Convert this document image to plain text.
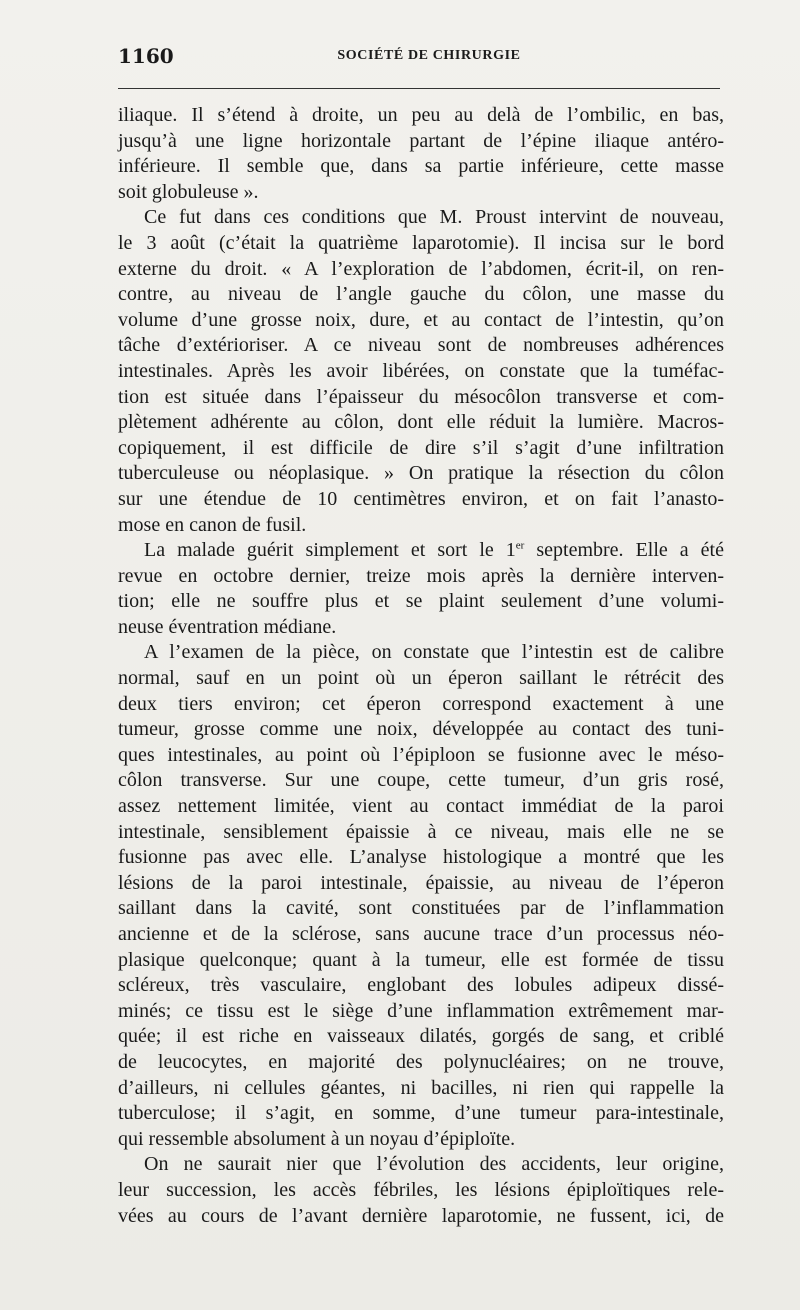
1160	SOCIÉTÉ DE CHIRURGIE

iliaque. Il s’étend à droite, un peu au delà de l’ombilic, en bas,
jusqu’à une ligne horizontale partant de l’épine iliaque antéro-
inférieure. Il semble que, dans sa partie inférieure, cette masse
soit globuleuse ».

Ce fut dans ces conditions que M. Proust intervint de nouveau,
le 3 août (c’était la quatrième laparotomie). Il incisa sur le bord
externe du droit. « A l’exploration de l’abdomen, écrit-il, on ren-
contre, au niveau de l’angle gauche du côlon, une masse du
volume d’une grosse noix, dure, et au contact de l’intestin, qu’on
tâche d’extérioriser. A ce niveau sont de nombreuses adhérences
intestinales. Après les avoir libérées, on constate que la tuméfac-
tion est située dans l’épaisseur du mésocôlon transverse et com-
plètement adhérente au côlon, dont elle réduit la lumière. Macros-
copiquement, il est difficile de dire s’il s’agit d’une infiltration
tuberculeuse ou néoplasique. » On pratique la résection du côlon
sur une étendue de 10 centimètres environ, et on fait l’anasto-
mose en canon de fusil.

La malade guérit simplement et sort le 1er septembre. Elle a été
revue en octobre dernier, treize mois après la dernière interven-
tion; elle ne souffre plus et se plaint seulement d’une volumi-
neuse éventration médiane.

A l’examen de la pièce, on constate que l’intestin est de calibre
normal, sauf en un point où un éperon saillant le rétrécit des
deux tiers environ; cet éperon correspond exactement à une
tumeur, grosse comme une noix, développée au contact des tuni-
ques intestinales, au point où l’épiploon se fusionne avec le méso-
côlon transverse. Sur une coupe, cette tumeur, d’un gris rosé,
assez nettement limitée, vient au contact immédiat de la paroi
intestinale, sensiblement épaissie à ce niveau, mais elle ne se
fusionne pas avec elle. L’analyse histologique a montré que les
lésions de la paroi intestinale, épaissie, au niveau de l’éperon
saillant dans la cavité, sont constituées par de l’inflammation
ancienne et de la sclérose, sans aucune trace d’un processus néo-
plasique quelconque; quant à la tumeur, elle est formée de tissu
scléreux, très vasculaire, englobant des lobules adipeux dissé-
minés; ce tissu est le siège d’une inflammation extrêmement mar-
quée; il est riche en vaisseaux dilatés, gorgés de sang, et criblé
de leucocytes, en majorité des polynucléaires; on ne trouve,
d’ailleurs, ni cellules géantes, ni bacilles, ni rien qui rappelle la
tuberculose; il s’agit, en somme, d’une tumeur para-intestinale,
qui ressemble absolument à un noyau d’épiploïte.

On ne saurait nier que l’évolution des accidents, leur origine,
leur succession, les accès fébriles, les lésions épiploïtiques rele-
vées au cours de l’avant dernière laparotomie, ne fussent, ici, de
